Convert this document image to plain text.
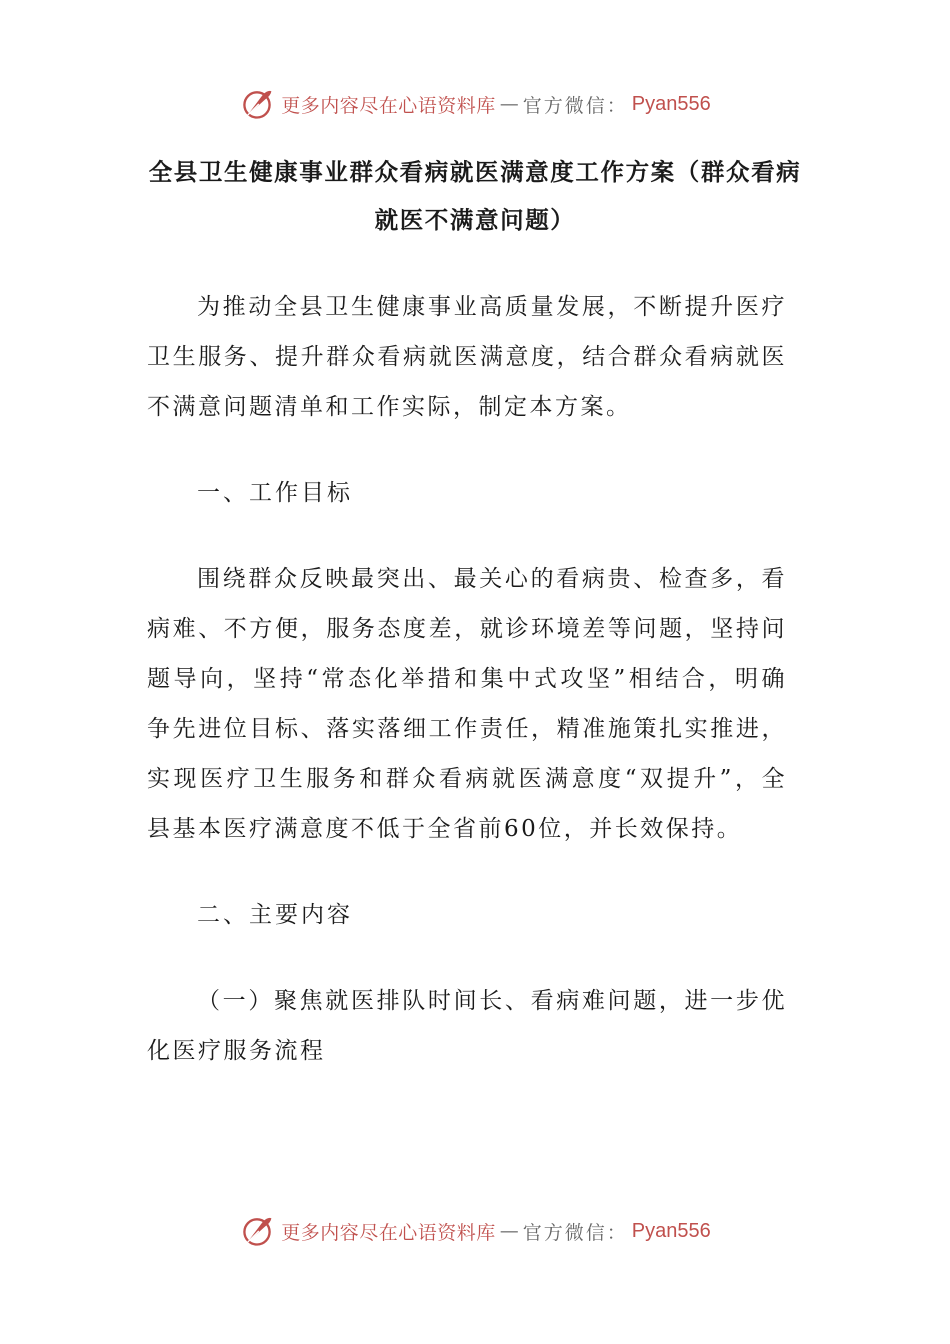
更多内容尽在心语资料库 — 官方微信： Pyan556
全县卫生健康事业群众看病就医满意度工作方案（群众看病就医不满意问题）

为推动全县卫生健康事业高质量发展，不断提升医疗卫生服务、提升群众看病就医满意度，结合群众看病就医不满意问题清单和工作实际，制定本方案。

一、工作目标

围绕群众反映最突出、最关心的看病贵、检查多，看病难、不方便，服务态度差，就诊环境差等问题，坚持问题导向，坚持“常态化举措和集中式攻坚”相结合，明确争先进位目标、落实落细工作责任，精准施策扎实推进，实现医疗卫生服务和群众看病就医满意度“双提升”，全县基本医疗满意度不低于全省前60位，并长效保持。

二、主要内容

（一）聚焦就医排队时间长、看病难问题，进一步优化医疗服务流程

更多内容尽在心语资料库 — 官方微信： Pyan556
